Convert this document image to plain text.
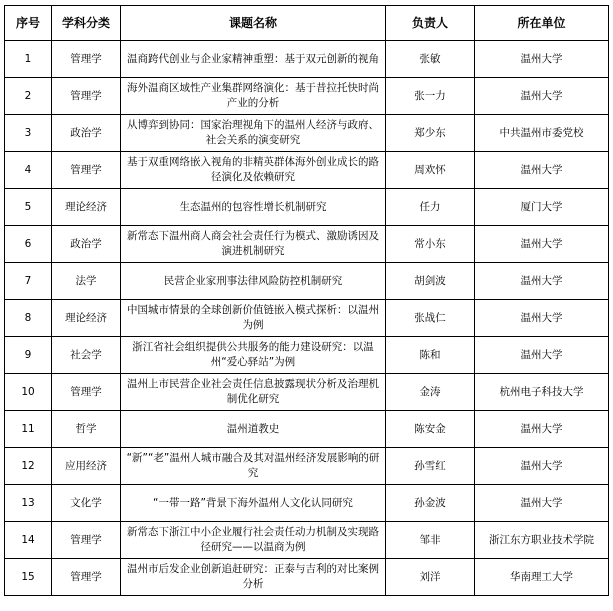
序号	学科分类	课题名称	负责人	所在单位
1	管理学	温商跨代创业与企业家精神重塑：基于双元创新的视角	张敏	温州大学
2	管理学	海外温商区域性产业集群网络演化：基于昔拉托快时尚产业的分析	张一力	温州大学
3	政治学	从博弈到协同：国家治理视角下的温州人经济与政府、社会关系的演变研究	郑少东	中共温州市委党校
4	管理学	基于双重网络嵌入视角的非精英群体海外创业成长的路径演化及依赖研究	周欢怀	温州大学
5	理论经济	生态温州的包容性增长机制研究	任力	厦门大学
6	政治学	新常态下温州商人商会社会责任行为模式、激励诱因及演进机制研究	常小东	温州大学
7	法学	民营企业家刑事法律风险防控机制研究	胡剑波	温州大学
8	理论经济	中国城市情景的全球创新价值链嵌入模式探析：以温州为例	张战仁	温州大学
9	社会学	浙江省社会组织提供公共服务的能力建设研究：以温州“爱心驿站”为例	陈和	温州大学
10	管理学	温州上市民营企业社会责任信息披露现状分析及治理机制优化研究	金涛	杭州电子科技大学
11	哲学	温州道教史	陈安金	温州大学
12	应用经济	“新”“老”温州人城市融合及其对温州经济发展影响的研究	孙雪红	温州大学
13	文化学	“一带一路”背景下海外温州人文化认同研究	孙金波	温州大学
14	管理学	新常态下浙江中小企业履行社会责任动力机制及实现路径研究——以温商为例	邹非	浙江东方职业技术学院
15	管理学	温州市后发企业创新追赶研究：正泰与吉利的对比案例分析	刘洋	华南理工大学
